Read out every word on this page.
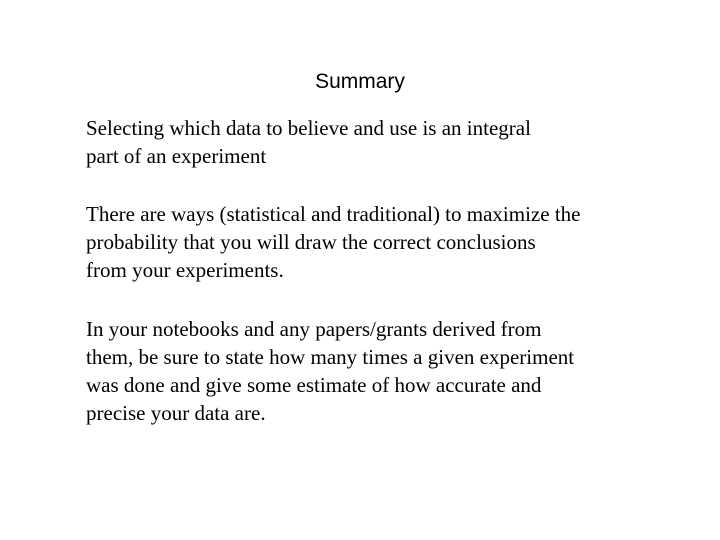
Summary

Selecting which data to believe and use is an integral
part of an experiment

There are ways (statistical and traditional) to maximize the
probability that you will draw the correct conclusions
from your experiments.

In your notebooks and any papers/grants derived from
them, be sure to state how many times a given experiment
was done and give some estimate of how accurate and
precise your data are.
